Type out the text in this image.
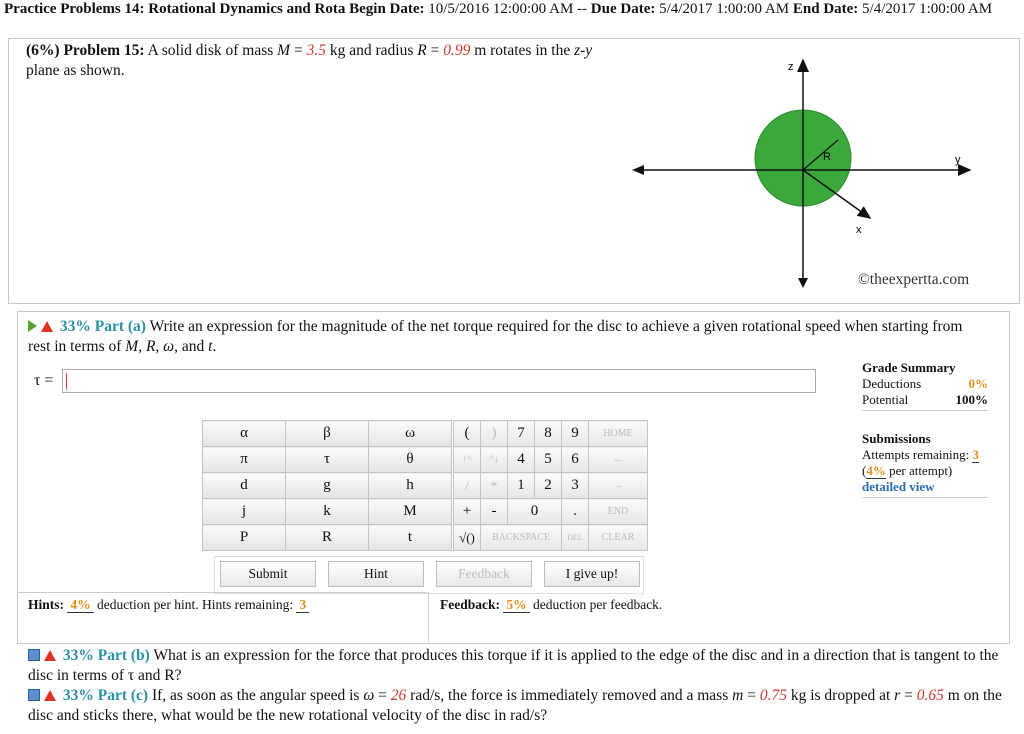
Practice Problems 14: Rotational Dynamics and Rota Begin Date: 10/5/2016 12:00:00 AM -- Due Date: 5/4/2017 1:00:00 AM End Date: 5/4/2017 1:00:00 AM
(6%) Problem 15: A solid disk of mass M = 3.5 kg and radius R = 0.99 m rotates in the z-y plane as shown.	z
y
x
R
©theexpertta.com
33% Part (a) Write an expression for the magnitude of the net torque required for the disc to achieve a given rotational speed when starting from rest in terms of M, R, ω, and t.
τ =
Grade Summary
Deductions	0%
Potential	100%
Submissions
Attempts remaining: 3
(4% per attempt)
detailed view
α	β	ω
π	τ	θ
d	g	h
j	k	M
P	R	t
(	)	7	8	9	HOME
↑^	^↓	4	5	6	←
/	*	1	2	3	→
+	-	0		.	END
√()	BACKSPACE			DEL	CLEAR
Submit	Hint	Feedback	I give up!
Hints: 4% deduction per hint. Hints remaining: 3	Feedback: 5% deduction per feedback.
33% Part (b) What is an expression for the force that produces this torque if it is applied to the edge of the disc and in a direction that is tangent to the disc in terms of τ and R?
33% Part (c) If, as soon as the angular speed is ω = 26 rad/s, the force is immediately removed and a mass m = 0.75 kg is dropped at r = 0.65 m on the disc and sticks there, what would be the new rotational velocity of the disc in rad/s?
